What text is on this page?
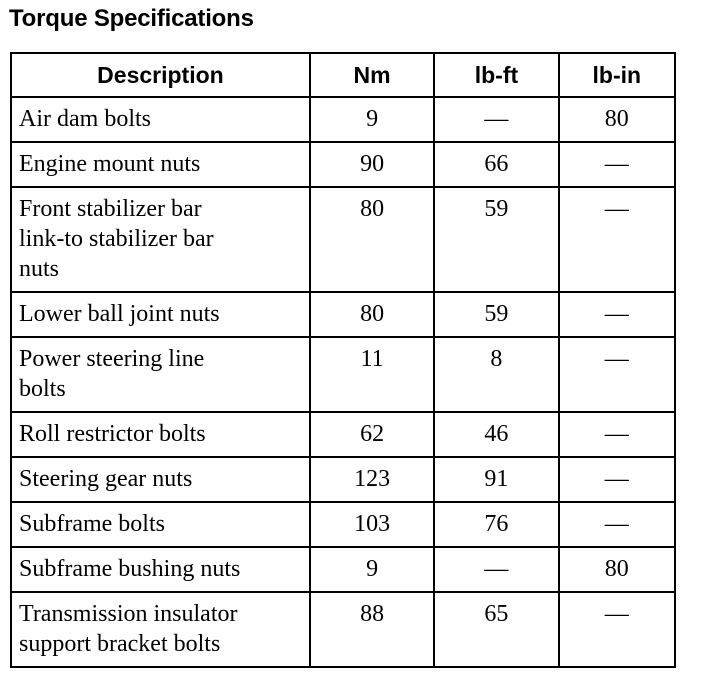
Torque Specifications
Description	Nm	lb-ft	lb-in

Air dam bolts	9	—	80

Engine mount nuts	90	66	—

Front stabilizer bar
link-to stabilizer bar
nuts	80	59	—

Lower ball joint nuts	80	59	—

Power steering line
bolts	11	8	—

Roll restrictor bolts	62	46	—

Steering gear nuts	123	91	—

Subframe bolts	103	76	—

Subframe bushing nuts	9	—	80

Transmission insulator
support bracket bolts	88	65	—
